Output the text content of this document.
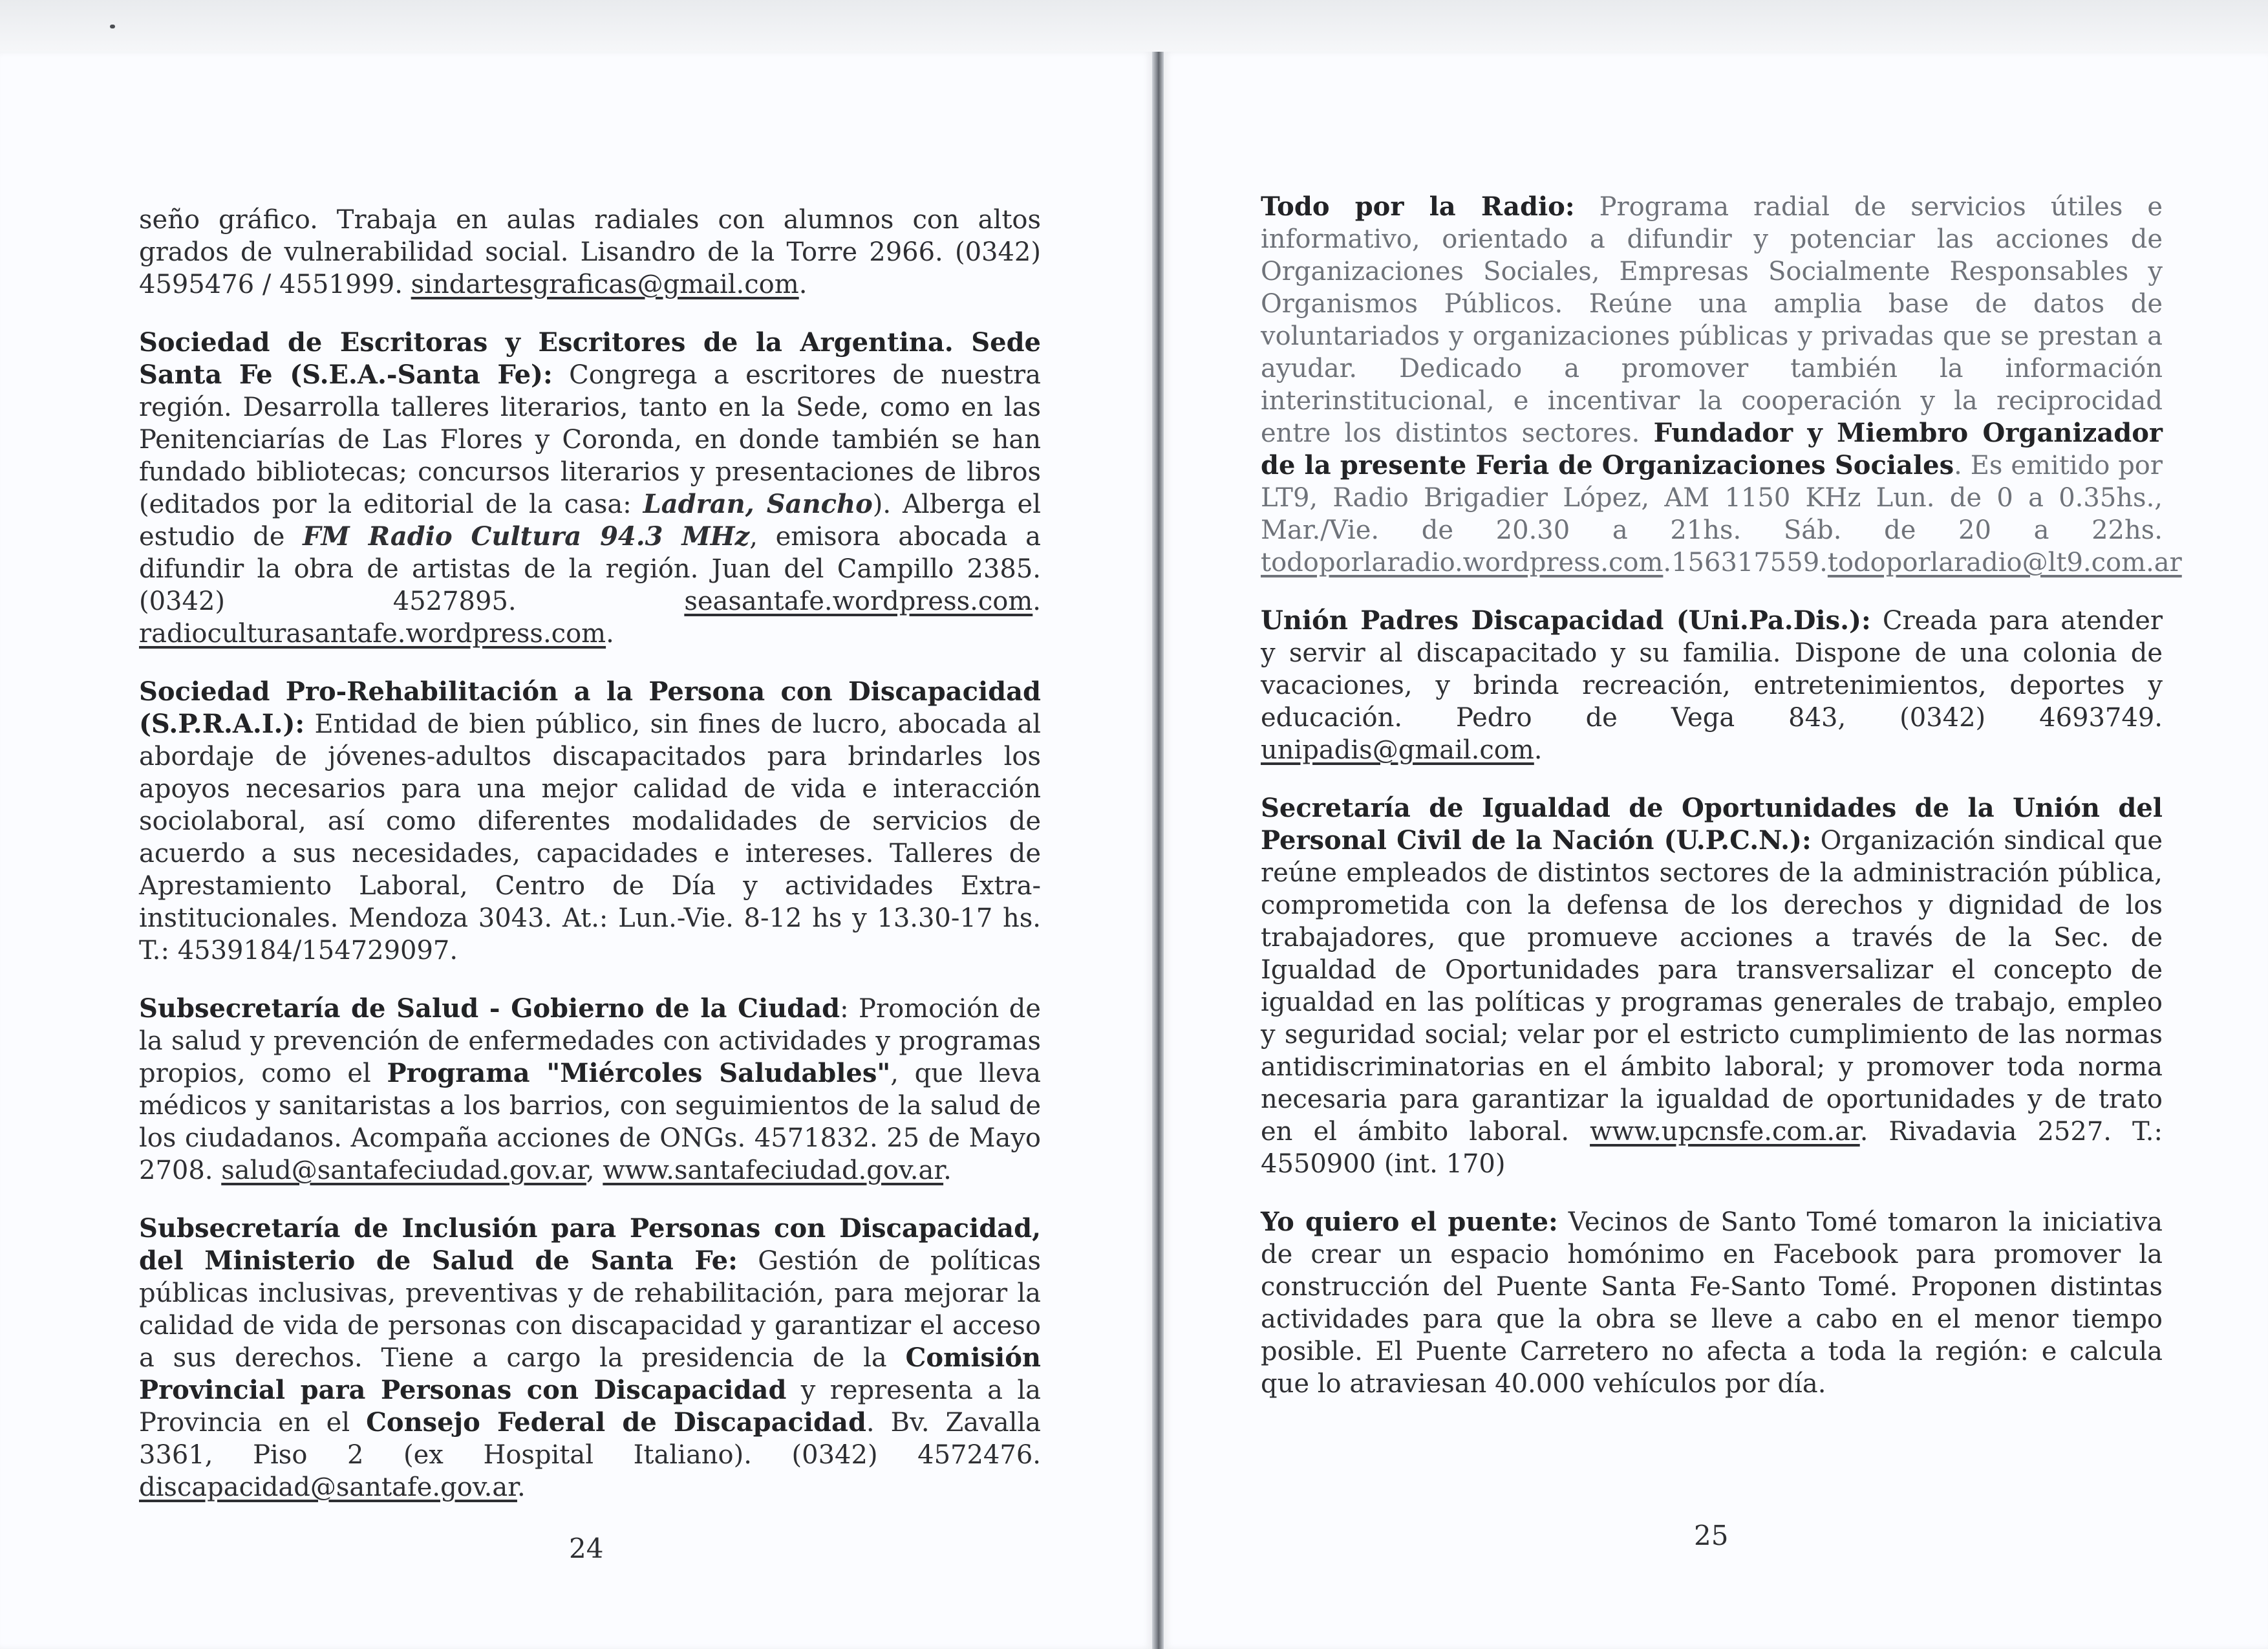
seño gráfico. Trabaja en aulas radiales con alumnos con altos grados de vulnerabilidad social. Lisandro de la Torre 2966. (0342) 4595476 / 4551999. sindartesgraficas@gmail.com.

Sociedad de Escritoras y Escritores de la Argentina. Sede Santa Fe (S.E.A.-Santa Fe): Congrega a escritores de nuestra región. Desarrolla talleres literarios, tanto en la Sede, como en las Penitenciarías de Las Flores y Coronda, en donde también se han fundado bibliotecas; concursos literarios y presentaciones de libros (editados por la editorial de la casa: Ladran, Sancho). Alberga el estudio de FM Radio Cultura 94.3 MHz, emisora abocada a difundir la obra de artistas de la región. Juan del Campillo 2385. (0342) 4527895. seasantafe.wordpress.com. radioculturasantafe.wordpress.com.

Sociedad Pro-Rehabilitación a la Persona con Discapacidad (S.P.R.A.I.): Entidad de bien público, sin fines de lucro, abocada al abordaje de jóvenes-adultos discapacitados para brindarles los apoyos necesarios para una mejor calidad de vida e interacción sociolaboral, así como diferentes modalidades de servicios de acuerdo a sus necesidades, capacidades e intereses. Talleres de Aprestamiento Laboral, Centro de Día y actividades Extra-institucionales. Mendoza 3043. At.: Lun.-Vie. 8-12 hs y 13.30-17 hs. T.: 4539184/154729097.

Subsecretaría de Salud - Gobierno de la Ciudad: Promoción de la salud y prevención de enfermedades con actividades y programas propios, como el Programa "Miércoles Saludables", que lleva médicos y sanitaristas a los barrios, con seguimientos de la salud de los ciudadanos. Acompaña acciones de ONGs. 4571832. 25 de Mayo 2708. salud@santafeciudad.gov.ar, www.santafeciudad.gov.ar.

Subsecretaría de Inclusión para Personas con Discapacidad, del Ministerio de Salud de Santa Fe: Gestión de políticas públicas inclusivas, preventivas y de rehabilitación, para mejorar la calidad de vida de personas con discapacidad y garantizar el acceso a sus derechos. Tiene a cargo la presidencia de la Comisión Provincial para Personas con Discapacidad y representa a la Provincia en el Consejo Federal de Discapacidad. Bv. Zavalla 3361, Piso 2 (ex Hospital Italiano). (0342) 4572476. discapacidad@santafe.gov.ar.

24

Todo por la Radio: Programa radial de servicios útiles e informativo, orientado a difundir y potenciar las acciones de Organizaciones Sociales, Empresas Socialmente Responsables y Organismos Públicos. Reúne una amplia base de datos de voluntariados y organizaciones públicas y privadas que se prestan a ayudar. Dedicado a promover también la información interinstitucional, e incentivar la cooperación y la reciprocidad entre los distintos sectores. Fundador y Miembro Organizador de la presente Feria de Organizaciones Sociales. Es emitido por LT9, Radio Brigadier López, AM 1150 KHz Lun. de 0 a 0.35hs., Mar./Vie. de 20.30 a 21hs. Sáb. de 20 a 22hs. todoporlaradio.wordpress.com.156317559.todoporlaradio@lt9.com.ar

Unión Padres Discapacidad (Uni.Pa.Dis.): Creada para atender y servir al discapacitado y su familia. Dispone de una colonia de vacaciones, y brinda recreación, entretenimientos, deportes y educación. Pedro de Vega 843, (0342) 4693749. unipadis@gmail.com.

Secretaría de Igualdad de Oportunidades de la Unión del Personal Civil de la Nación (U.P.C.N.): Organización sindical que reúne empleados de distintos sectores de la administración pública, comprometida con la defensa de los derechos y dignidad de los trabajadores, que promueve acciones a través de la Sec. de Igualdad de Oportunidades para transversalizar el concepto de igualdad en las políticas y programas generales de trabajo, empleo y seguridad social; velar por el estricto cumplimiento de las normas antidiscriminatorias en el ámbito laboral; y promover toda norma necesaria para garantizar la igualdad de oportunidades y de trato en el ámbito laboral. www.upcnsfe.com.ar. Rivadavia 2527. T.: 4550900 (int. 170)

Yo quiero el puente: Vecinos de Santo Tomé tomaron la iniciativa de crear un espacio homónimo en Facebook para promover la construcción del Puente Santa Fe-Santo Tomé. Proponen distintas actividades para que la obra se lleve a cabo en el menor tiempo posible. El Puente Carretero no afecta a toda la región: e calcula que lo atraviesan 40.000 vehículos por día.

25
